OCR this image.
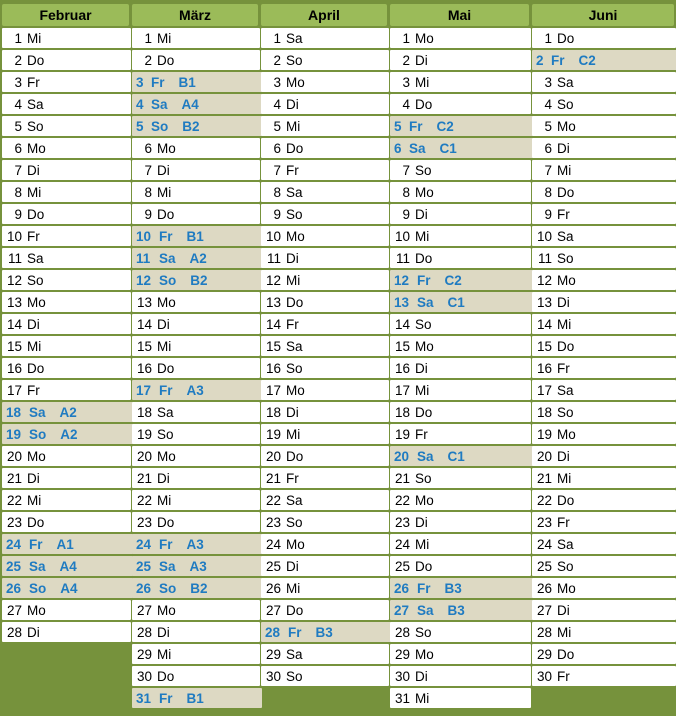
Februar
1 Mi
2 Do
3 Fr
4 Sa
5 So
6 Mo
7 Di
8 Mi
9 Do
10 Fr
11 Sa
12 So
13 Mo
14 Di
15 Mi
16 Do
17 Fr
18 Sa A2
19 So A2
20 Mo
21 Di
22 Mi
23 Do
24 Fr A1
25 Sa A4
26 So A4
27 Mo
28 Di
März
1 Mi
2 Do
3 Fr B1
4 Sa A4
5 So B2
6 Mo
7 Di
8 Mi
9 Do
10 Fr B1
11 Sa A2
12 So B2
13 Mo
14 Di
15 Mi
16 Do
17 Fr A3
18 Sa
19 So
20 Mo
21 Di
22 Mi
23 Do
24 Fr A3
25 Sa A3
26 So B2
27 Mo
28 Di
29 Mi
30 Do
31 Fr B1
April
1 Sa
2 So
3 Mo
4 Di
5 Mi
6 Do
7 Fr
8 Sa
9 So
10 Mo
11 Di
12 Mi
13 Do
14 Fr
15 Sa
16 So
17 Mo
18 Di
19 Mi
20 Do
21 Fr
22 Sa
23 So
24 Mo
25 Di
26 Mi
27 Do
28 Fr B3
29 Sa
30 So
Mai
1 Mo
2 Di
3 Mi
4 Do
5 Fr C2
6 Sa C1
7 So
8 Mo
9 Di
10 Mi
11 Do
12 Fr C2
13 Sa C1
14 So
15 Mo
16 Di
17 Mi
18 Do
19 Fr
20 Sa C1
21 So
22 Mo
23 Di
24 Mi
25 Do
26 Fr B3
27 Sa B3
28 So
29 Mo
30 Di
31 Mi
Juni
1 Do
2 Fr C2
3 Sa
4 So
5 Mo
6 Di
7 Mi
8 Do
9 Fr
10 Sa
11 So
12 Mo
13 Di
14 Mi
15 Do
16 Fr
17 Sa
18 So
19 Mo
20 Di
21 Mi
22 Do
23 Fr
24 Sa
25 So
26 Mo
27 Di
28 Mi
29 Do
30 Fr
